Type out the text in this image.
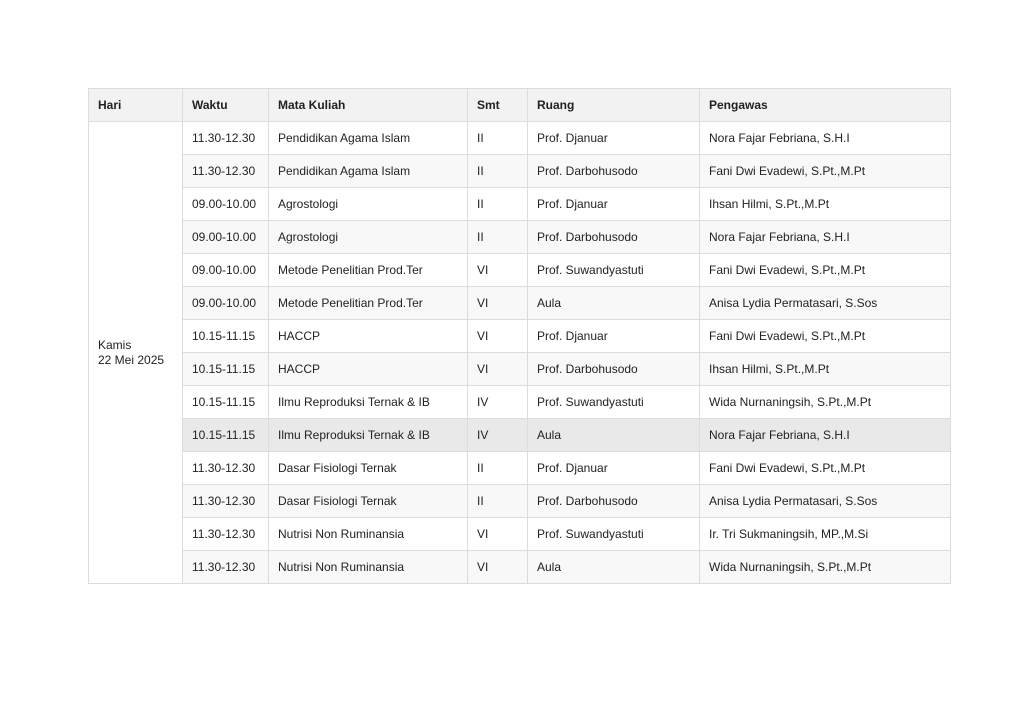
Hari	Waktu	Mata Kuliah	Smt	Ruang	Pengawas

Kamis
22 Mei 2025	11.30-12.30	Pendidikan Agama Islam	II	Prof. Djanuar	Nora Fajar Febriana, S.H.I
	11.30-12.30	Pendidikan Agama Islam	II	Prof. Darbohusodo	Fani Dwi Evadewi, S.Pt.,M.Pt
	09.00-10.00	Agrostologi	II	Prof. Djanuar	Ihsan Hilmi, S.Pt.,M.Pt
	09.00-10.00	Agrostologi	II	Prof. Darbohusodo	Nora Fajar Febriana, S.H.I
	09.00-10.00	Metode Penelitian Prod.Ter	VI	Prof. Suwandyastuti	Fani Dwi Evadewi, S.Pt.,M.Pt
	09.00-10.00	Metode Penelitian Prod.Ter	VI	Aula	Anisa Lydia Permatasari, S.Sos
	10.15-11.15	HACCP	VI	Prof. Djanuar	Fani Dwi Evadewi, S.Pt.,M.Pt
	10.15-11.15	HACCP	VI	Prof. Darbohusodo	Ihsan Hilmi, S.Pt.,M.Pt
	10.15-11.15	Ilmu Reproduksi Ternak & IB	IV	Prof. Suwandyastuti	Wida Nurnaningsih, S.Pt.,M.Pt
	10.15-11.15	Ilmu Reproduksi Ternak & IB	IV	Aula	Nora Fajar Febriana, S.H.I
	11.30-12.30	Dasar Fisiologi Ternak	II	Prof. Djanuar	Fani Dwi Evadewi, S.Pt.,M.Pt
	11.30-12.30	Dasar Fisiologi Ternak	II	Prof. Darbohusodo	Anisa Lydia Permatasari, S.Sos
	11.30-12.30	Nutrisi Non Ruminansia	VI	Prof. Suwandyastuti	Ir. Tri Sukmaningsih, MP.,M.Si
	11.30-12.30	Nutrisi Non Ruminansia	VI	Aula	Wida Nurnaningsih, S.Pt.,M.Pt
